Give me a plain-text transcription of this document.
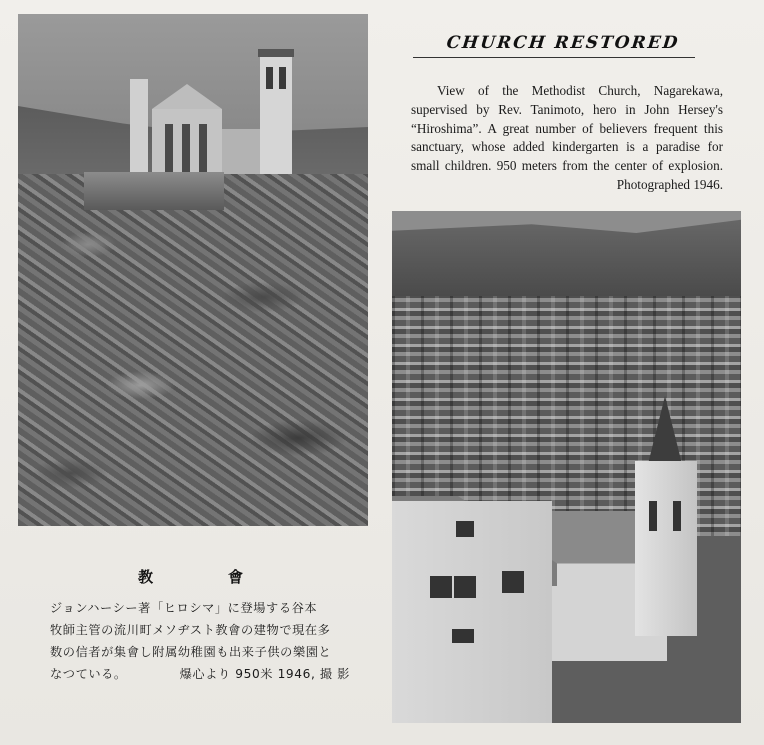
CHURCH RESTORED
View of the Methodist Church, Nagarekawa, supervised by Rev. Tanimoto, hero in John Hersey's “Hiroshima”. A great number of believers frequent this sanctuary, whose added kindergarten is a paradise for small children. 950 meters from the center of explosion. Photographed 1946.
教	會
ジョンハーシー著「ヒロシマ」に登場する谷本
牧師主管の流川町メソヂスト教會の建物で現在多
数の信者が集會し附属幼稚園も出来子供の樂園と
なつている。	爆心より 950米 1946, 撮 影
